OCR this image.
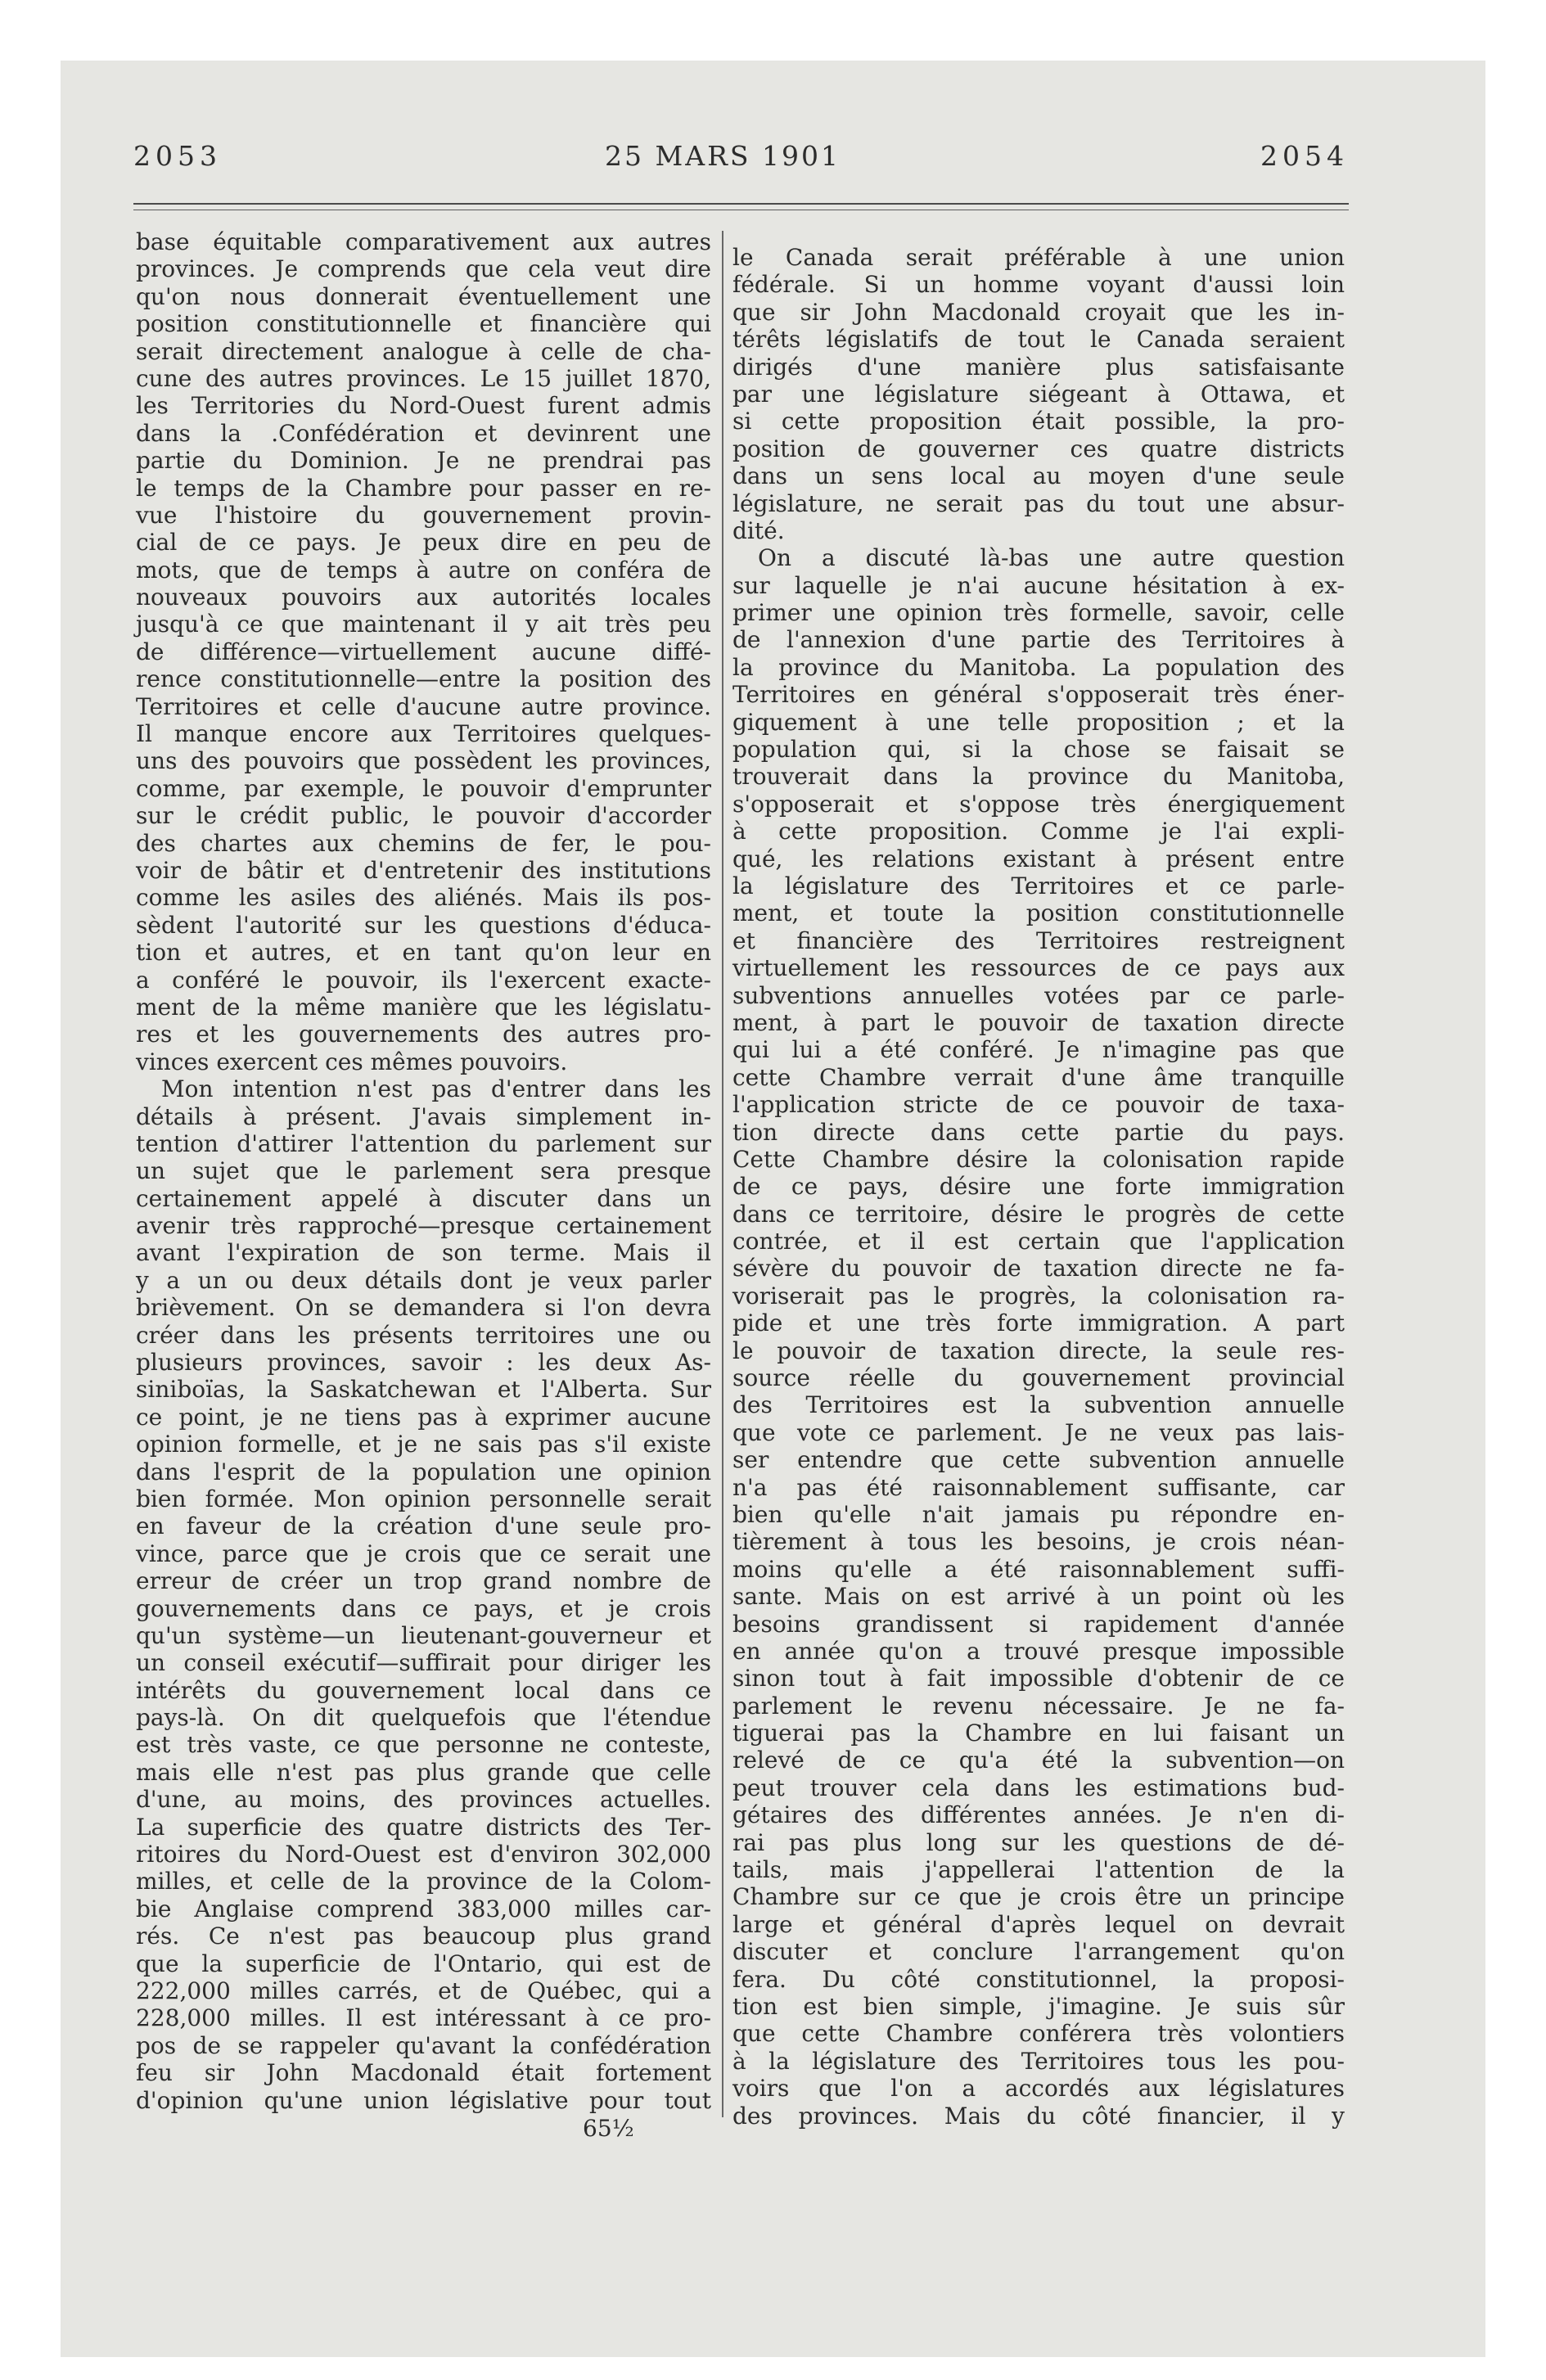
2053	25 MARS 1901	2054
base équitable comparativement aux autres
provinces. Je comprends que cela veut dire
qu'on nous donnerait éventuellement une
position constitutionnelle et financière qui
serait directement analogue à celle de cha-
cune des autres provinces. Le 15 juillet 1870,
les Territories du Nord-Ouest furent admis
dans la .Confédération et devinrent une
partie du Dominion. Je ne prendrai pas
le temps de la Chambre pour passer en re-
vue l'histoire du gouvernement provin-
cial de ce pays. Je peux dire en peu de
mots, que de temps à autre on conféra de
nouveaux pouvoirs aux autorités locales
jusqu'à ce que maintenant il y ait très peu
de différence—virtuellement aucune diffé-
rence constitutionnelle—entre la position des
Territoires et celle d'aucune autre province.
Il manque encore aux Territoires quelques-
uns des pouvoirs que possèdent les provinces,
comme, par exemple, le pouvoir d'emprunter
sur le crédit public, le pouvoir d'accorder
des chartes aux chemins de fer, le pou-
voir de bâtir et d'entretenir des institutions
comme les asiles des aliénés. Mais ils pos-
sèdent l'autorité sur les questions d'éduca-
tion et autres, et en tant qu'on leur en
a conféré le pouvoir, ils l'exercent exacte-
ment de la même manière que les législatu-
res et les gouvernements des autres pro-
vinces exercent ces mêmes pouvoirs.
Mon intention n'est pas d'entrer dans les
détails à présent. J'avais simplement in-
tention d'attirer l'attention du parlement sur
un sujet que le parlement sera presque
certainement appelé à discuter dans un
avenir très rapproché—presque certainement
avant l'expiration de son terme. Mais il
y a un ou deux détails dont je veux parler
brièvement. On se demandera si l'on devra
créer dans les présents territoires une ou
plusieurs provinces, savoir : les deux As-
siniboïas, la Saskatchewan et l'Alberta. Sur
ce point, je ne tiens pas à exprimer aucune
opinion formelle, et je ne sais pas s'il existe
dans l'esprit de la population une opinion
bien formée. Mon opinion personnelle serait
en faveur de la création d'une seule pro-
vince, parce que je crois que ce serait une
erreur de créer un trop grand nombre de
gouvernements dans ce pays, et je crois
qu'un système—un lieutenant-gouverneur et
un conseil exécutif—suffirait pour diriger les
intérêts du gouvernement local dans ce
pays-là. On dit quelquefois que l'étendue
est très vaste, ce que personne ne conteste,
mais elle n'est pas plus grande que celle
d'une, au moins, des provinces actuelles.
La superficie des quatre districts des Ter-
ritoires du Nord-Ouest est d'environ 302,000
milles, et celle de la province de la Colom-
bie Anglaise comprend 383,000 milles car-
rés. Ce n'est pas beaucoup plus grand
que la superficie de l'Ontario, qui est de
222,000 milles carrés, et de Québec, qui a
228,000 milles. Il est intéressant à ce pro-
pos de se rappeler qu'avant la confédération
feu sir John Macdonald était fortement
d'opinion qu'une union législative pour tout
le Canada serait préférable à une union
fédérale. Si un homme voyant d'aussi loin
que sir John Macdonald croyait que les in-
térêts législatifs de tout le Canada seraient
dirigés d'une manière plus satisfaisante
par une législature siégeant à Ottawa, et
si cette proposition était possible, la pro-
position de gouverner ces quatre districts
dans un sens local au moyen d'une seule
législature, ne serait pas du tout une absur-
dité.
On a discuté là-bas une autre question
sur laquelle je n'ai aucune hésitation à ex-
primer une opinion très formelle, savoir, celle
de l'annexion d'une partie des Territoires à
la province du Manitoba. La population des
Territoires en général s'opposerait très éner-
giquement à une telle proposition ; et la
population qui, si la chose se faisait se
trouverait dans la province du Manitoba,
s'opposerait et s'oppose très énergiquement
à cette proposition. Comme je l'ai expli-
qué, les relations existant à présent entre
la législature des Territoires et ce parle-
ment, et toute la position constitutionnelle
et financière des Territoires restreignent
virtuellement les ressources de ce pays aux
subventions annuelles votées par ce parle-
ment, à part le pouvoir de taxation directe
qui lui a été conféré. Je n'imagine pas que
cette Chambre verrait d'une âme tranquille
l'application stricte de ce pouvoir de taxa-
tion directe dans cette partie du pays.
Cette Chambre désire la colonisation rapide
de ce pays, désire une forte immigration
dans ce territoire, désire le progrès de cette
contrée, et il est certain que l'application
sévère du pouvoir de taxation directe ne fa-
voriserait pas le progrès, la colonisation ra-
pide et une très forte immigration. A part
le pouvoir de taxation directe, la seule res-
source réelle du gouvernement provincial
des Territoires est la subvention annuelle
que vote ce parlement. Je ne veux pas lais-
ser entendre que cette subvention annuelle
n'a pas été raisonnablement suffisante, car
bien qu'elle n'ait jamais pu répondre en-
tièrement à tous les besoins, je crois néan-
moins qu'elle a été raisonnablement suffi-
sante. Mais on est arrivé à un point où les
besoins grandissent si rapidement d'année
en année qu'on a trouvé presque impossible
sinon tout à fait impossible d'obtenir de ce
parlement le revenu nécessaire. Je ne fa-
tiguerai pas la Chambre en lui faisant un
relevé de ce qu'a été la subvention—on
peut trouver cela dans les estimations bud-
gétaires des différentes années. Je n'en di-
rai pas plus long sur les questions de dé-
tails, mais j'appellerai l'attention de la
Chambre sur ce que je crois être un principe
large et général d'après lequel on devrait
discuter et conclure l'arrangement qu'on
fera. Du côté constitutionnel, la proposi-
tion est bien simple, j'imagine. Je suis sûr
que cette Chambre conférera très volontiers
à la législature des Territoires tous les pou-
voirs que l'on a accordés aux législatures
des provinces. Mais du côté financier, il y
65½
